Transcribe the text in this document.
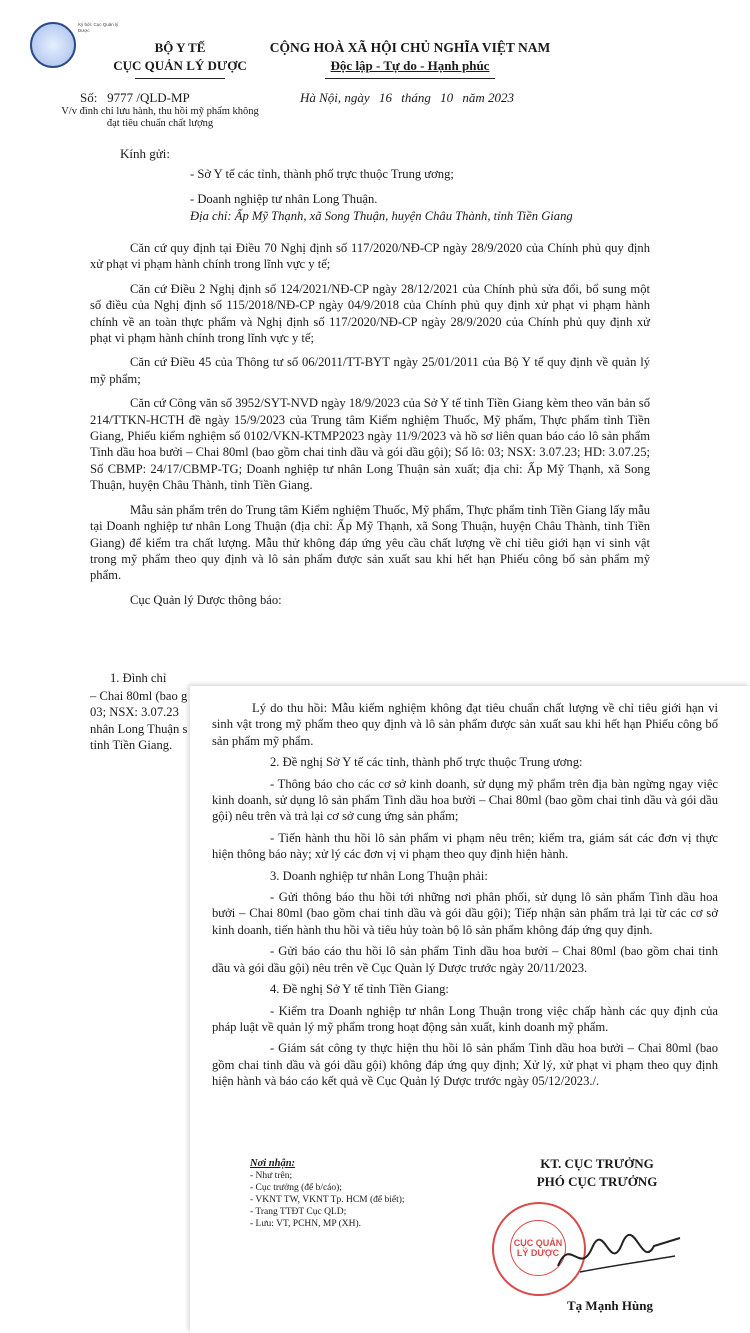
Ký bởi: Cục Quản lý Dược
BỘ Y TẾ
CỤC QUẢN LÝ DƯỢC
CỘNG HOÀ XÃ HỘI CHỦ NGHĨA VIỆT NAM
Độc lập - Tự do - Hạnh phúc
Số: 9777 /QLD-MP
V/v đình chỉ lưu hành, thu hồi mỹ phẩm không đạt tiêu chuẩn chất lượng
Hà Nội, ngày 16 tháng 10 năm 2023
Kính gửi:
- Sở Y tế các tỉnh, thành phố trực thuộc Trung ương;
- Doanh nghiệp tư nhân Long Thuận.
Địa chỉ: Ấp Mỹ Thạnh, xã Song Thuận, huyện Châu Thành, tỉnh Tiền Giang

Căn cứ quy định tại Điều 70 Nghị định số 117/2020/NĐ-CP ngày 28/9/2020 của Chính phủ quy định xử phạt vi phạm hành chính trong lĩnh vực y tế;

Căn cứ Điều 2 Nghị định số 124/2021/NĐ-CP ngày 28/12/2021 của Chính phủ sửa đổi, bổ sung một số điều của Nghị định số 115/2018/NĐ-CP ngày 04/9/2018 của Chính phủ quy định xử phạt vi phạm hành chính về an toàn thực phẩm và Nghị định số 117/2020/NĐ-CP ngày 28/9/2020 của Chính phủ quy định xử phạt vi phạm hành chính trong lĩnh vực y tế;

Căn cứ Điều 45 của Thông tư số 06/2011/TT-BYT ngày 25/01/2011 của Bộ Y tế quy định về quản lý mỹ phẩm;

Căn cứ Công văn số 3952/SYT-NVD ngày 18/9/2023 của Sở Y tế tỉnh Tiền Giang kèm theo văn bản số 214/TTKN-HCTH đề ngày 15/9/2023 của Trung tâm Kiểm nghiệm Thuốc, Mỹ phẩm, Thực phẩm tỉnh Tiền Giang, Phiếu kiểm nghiệm số 0102/VKN-KTMP2023 ngày 11/9/2023 và hồ sơ liên quan báo cáo lô sản phẩm Tinh dầu hoa bưởi – Chai 80ml (bao gồm chai tinh dầu và gói dầu gội); Số lô: 03; NSX: 3.07.23; HD: 3.07.25; Số CBMP: 24/17/CBMP-TG; Doanh nghiệp tư nhân Long Thuận sản xuất; địa chỉ: Ấp Mỹ Thạnh, xã Song Thuận, huyện Châu Thành, tỉnh Tiền Giang.

Mẫu sản phẩm trên do Trung tâm Kiểm nghiệm Thuốc, Mỹ phẩm, Thực phẩm tỉnh Tiền Giang lấy mẫu tại Doanh nghiệp tư nhân Long Thuận (địa chỉ: Ấp Mỹ Thạnh, xã Song Thuận, huyện Châu Thành, tỉnh Tiền Giang) để kiểm tra chất lượng. Mẫu thử không đáp ứng yêu cầu chất lượng về chỉ tiêu giới hạn vi sinh vật trong mỹ phẩm theo quy định và lô sản phẩm được sản xuất sau khi hết hạn Phiếu công bố sản phẩm mỹ phẩm.

Cục Quản lý Dược thông báo:

1. Đình chỉ
– Chai 80ml (bao g
03; NSX: 3.07.23
nhân Long Thuận s
tỉnh Tiền Giang.

Lý do thu hồi: Mẫu kiểm nghiệm không đạt tiêu chuẩn chất lượng về chỉ tiêu giới hạn vi sinh vật trong mỹ phẩm theo quy định và lô sản phẩm được sản xuất sau khi hết hạn Phiếu công bố sản phẩm mỹ phẩm.

2. Đề nghị Sở Y tế các tỉnh, thành phố trực thuộc Trung ương:

- Thông báo cho các cơ sở kinh doanh, sử dụng mỹ phẩm trên địa bàn ngừng ngay việc kinh doanh, sử dụng lô sản phẩm Tinh dầu hoa bưởi – Chai 80ml (bao gồm chai tinh dầu và gói dầu gội) nêu trên và trả lại cơ sở cung ứng sản phẩm;

- Tiến hành thu hồi lô sản phẩm vi phạm nêu trên; kiểm tra, giám sát các đơn vị thực hiện thông báo này; xử lý các đơn vị vi phạm theo quy định hiện hành.

3. Doanh nghiệp tư nhân Long Thuận phải:

- Gửi thông báo thu hồi tới những nơi phân phối, sử dụng lô sản phẩm Tinh dầu hoa bưởi – Chai 80ml (bao gồm chai tinh dầu và gói dầu gội); Tiếp nhận sản phẩm trả lại từ các cơ sở kinh doanh, tiến hành thu hồi và tiêu hủy toàn bộ lô sản phẩm không đáp ứng quy định.

- Gửi báo cáo thu hồi lô sản phẩm Tinh dầu hoa bưởi – Chai 80ml (bao gồm chai tinh dầu và gói dầu gội) nêu trên về Cục Quản lý Dược trước ngày 20/11/2023.

4. Đề nghị Sở Y tế tỉnh Tiền Giang:

- Kiểm tra Doanh nghiệp tư nhân Long Thuận trong việc chấp hành các quy định của pháp luật về quản lý mỹ phẩm trong hoạt động sản xuất, kinh doanh mỹ phẩm.

- Giám sát công ty thực hiện thu hồi lô sản phẩm Tinh dầu hoa bưởi – Chai 80ml (bao gồm chai tinh dầu và gói dầu gội) không đáp ứng quy định; Xử lý, xử phạt vi phạm theo quy định hiện hành và báo cáo kết quả về Cục Quản lý Dược trước ngày 05/12/2023./.

Nơi nhận:
- Như trên;
- Cục trưởng (để b/cáo);
- VKNT TW, VKNT Tp. HCM (để biết);
- Trang TTĐT Cục QLD;
- Lưu: VT, PCHN, MP (XH).
KT. CỤC TRƯỞNG
PHÓ CỤC TRƯỞNG
CỤC QUẢN LÝ DƯỢC
Tạ Mạnh Hùng
